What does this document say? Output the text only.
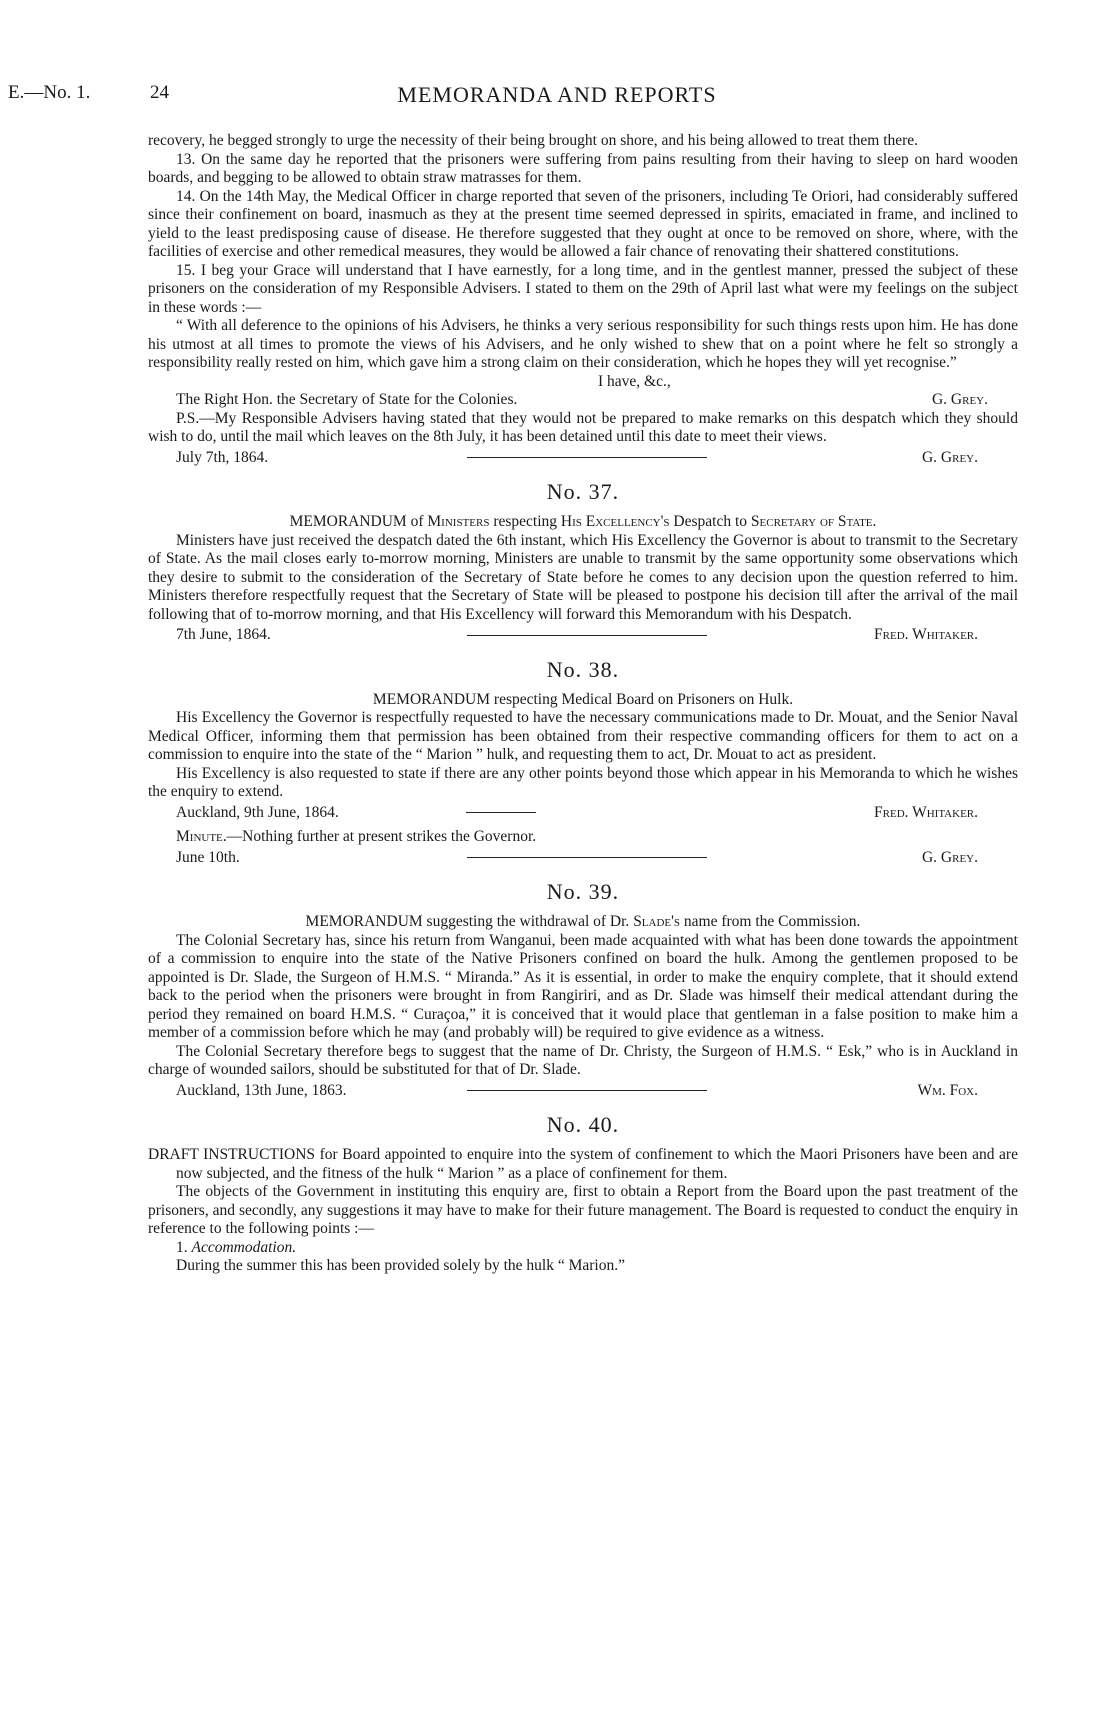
E.—No. 1.	24	MEMORANDA AND REPORTS

recovery, he begged strongly to urge the necessity of their being brought on shore, and his being allowed to treat them there.

13. On the same day he reported that the prisoners were suffering from pains resulting from their having to sleep on hard wooden boards, and begging to be allowed to obtain straw matrasses for them.

14. On the 14th May, the Medical Officer in charge reported that seven of the prisoners, including Te Oriori, had considerably suffered since their confinement on board, inasmuch as they at the present time seemed depressed in spirits, emaciated in frame, and inclined to yield to the least predisposing cause of disease. He therefore suggested that they ought at once to be removed on shore, where, with the facilities of exercise and other remedical measures, they would be allowed a fair chance of renovating their shattered constitutions.

15. I beg your Grace will understand that I have earnestly, for a long time, and in the gentlest manner, pressed the subject of these prisoners on the consideration of my Responsible Advisers. I stated to them on the 29th of April last what were my feelings on the subject in these words :—

“ With all deference to the opinions of his Advisers, he thinks a very serious responsibility for such things rests upon him. He has done his utmost at all times to promote the views of his Advisers, and he only wished to shew that on a point where he felt so strongly a responsibility really rested on him, which gave him a strong claim on their consideration, which he hopes they will yet recognise.”

I have, &c.,

The Right Hon. the Secretary of State for the Colonies.	G. Grey.

P.S.—My Responsible Advisers having stated that they would not be prepared to make remarks on this despatch which they should wish to do, until the mail which leaves on the 8th July, it has been detained until this date to meet their views.

July 7th, 1864.	G. Grey.
No. 37.

MEMORANDUM of Ministers respecting His Excellency's Despatch to Secretary of State.

Ministers have just received the despatch dated the 6th instant, which His Excellency the Governor is about to transmit to the Secretary of State. As the mail closes early to-morrow morning, Ministers are unable to transmit by the same opportunity some observations which they desire to submit to the consideration of the Secretary of State before he comes to any decision upon the question referred to him. Ministers therefore respectfully request that the Secretary of State will be pleased to postpone his decision till after the arrival of the mail following that of to-morrow morning, and that His Excellency will forward this Memorandum with his Despatch.

7th June, 1864.	Fred. Whitaker.
No. 38.

MEMORANDUM respecting Medical Board on Prisoners on Hulk.

His Excellency the Governor is respectfully requested to have the necessary communications made to Dr. Mouat, and the Senior Naval Medical Officer, informing them that permission has been obtained from their respective commanding officers for them to act on a commission to enquire into the state of the “ Marion ” hulk, and requesting them to act, Dr. Mouat to act as president.

His Excellency is also requested to state if there are any other points beyond those which appear in his Memoranda to which he wishes the enquiry to extend.

Auckland, 9th June, 1864.	Fred. Whitaker.

Minute.—Nothing further at present strikes the Governor.

June 10th.	G. Grey.
No. 39.

MEMORANDUM suggesting the withdrawal of Dr. Slade's name from the Commission.

The Colonial Secretary has, since his return from Wanganui, been made acquainted with what has been done towards the appointment of a commission to enquire into the state of the Native Prisoners confined on board the hulk. Among the gentlemen proposed to be appointed is Dr. Slade, the Surgeon of H.M.S. “ Miranda.” As it is essential, in order to make the enquiry complete, that it should extend back to the period when the prisoners were brought in from Rangiriri, and as Dr. Slade was himself their medical attendant during the period they remained on board H.M.S. “ Curaçoa,” it is conceived that it would place that gentleman in a false position to make him a member of a commission before which he may (and probably will) be required to give evidence as a witness.

The Colonial Secretary therefore begs to suggest that the name of Dr. Christy, the Surgeon of H.M.S. “ Esk,” who is in Auckland in charge of wounded sailors, should be substituted for that of Dr. Slade.

Auckland, 13th June, 1863.	Wm. Fox.
No. 40.

DRAFT INSTRUCTIONS for Board appointed to enquire into the system of confinement to which the Maori Prisoners have been and are now subjected, and the fitness of the hulk “ Marion ” as a place of confinement for them.

The objects of the Government in instituting this enquiry are, first to obtain a Report from the Board upon the past treatment of the prisoners, and secondly, any suggestions it may have to make for their future management. The Board is requested to conduct the enquiry in reference to the following points :—

1. Accommodation.

During the summer this has been provided solely by the hulk “ Marion.”
